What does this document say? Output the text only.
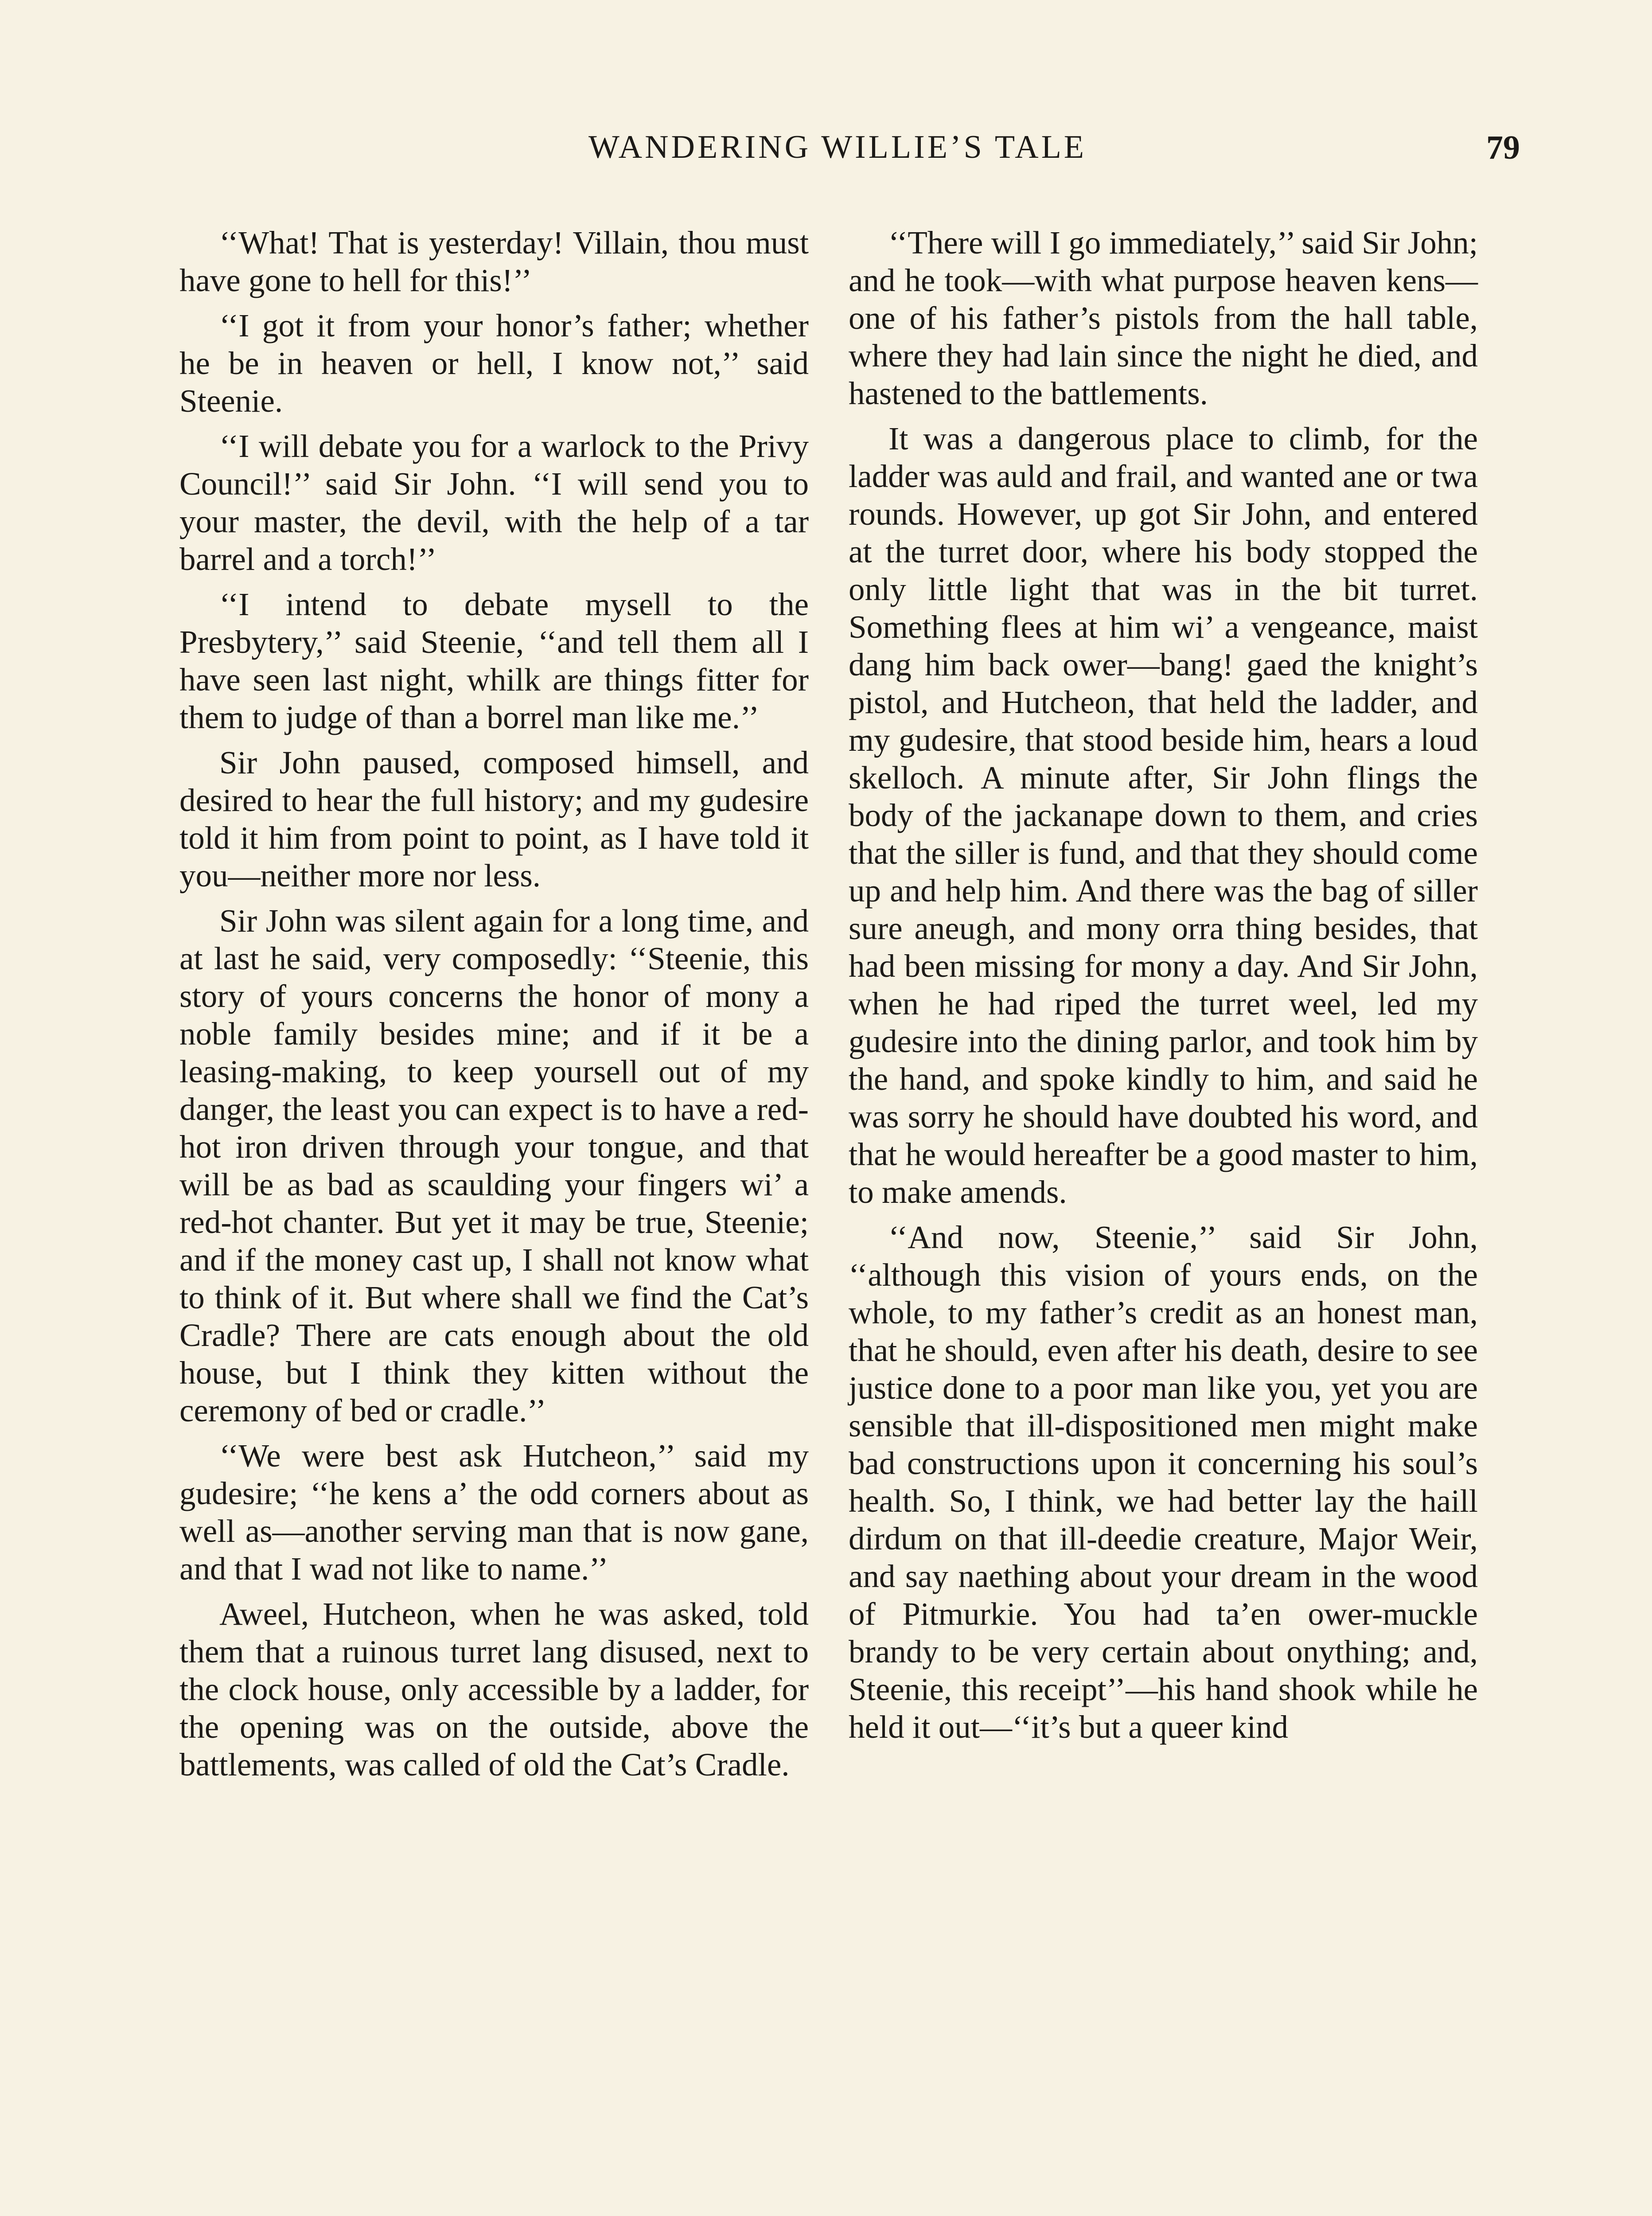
WANDERING WILLIE’S TALE	79

‘‘What! That is yesterday! Villain, thou must have gone to hell for this!’’

‘‘I got it from your honor’s father; whether he be in heaven or hell, I know not,’’ said Steenie.

‘‘I will debate you for a warlock to the Privy Council!’’ said Sir John. ‘‘I will send you to your master, the devil, with the help of a tar barrel and a torch!’’

‘‘I intend to debate mysell to the Presbytery,’’ said Steenie, ‘‘and tell them all I have seen last night, whilk are things fitter for them to judge of than a borrel man like me.’’

Sir John paused, composed himsell, and desired to hear the full history; and my gudesire told it him from point to point, as I have told it you—neither more nor less.

Sir John was silent again for a long time, and at last he said, very composedly: ‘‘Steenie, this story of yours concerns the honor of mony a noble family besides mine; and if it be a leasing-making, to keep yoursell out of my danger, the least you can expect is to have a red-hot iron driven through your tongue, and that will be as bad as scaulding your fingers wi’ a red-hot chanter. But yet it may be true, Steenie; and if the money cast up, I shall not know what to think of it. But where shall we find the Cat’s Cradle? There are cats enough about the old house, but I think they kitten without the ceremony of bed or cradle.’’

‘‘We were best ask Hutcheon,’’ said my gudesire; ‘‘he kens a’ the odd corners about as well as—another serving man that is now gane, and that I wad not like to name.’’

Aweel, Hutcheon, when he was asked, told them that a ruinous turret lang disused, next to the clock house, only accessible by a ladder, for the opening was on the outside, above the battlements, was called of old the Cat’s Cradle.

‘‘There will I go immediately,’’ said Sir John; and he took—with what purpose heaven kens—one of his father’s pistols from the hall table, where they had lain since the night he died, and hastened to the battlements.

It was a dangerous place to climb, for the ladder was auld and frail, and wanted ane or twa rounds. However, up got Sir John, and entered at the turret door, where his body stopped the only little light that was in the bit turret. Something flees at him wi’ a vengeance, maist dang him back ower—bang! gaed the knight’s pistol, and Hutcheon, that held the ladder, and my gudesire, that stood beside him, hears a loud skelloch. A minute after, Sir John flings the body of the jackanape down to them, and cries that the siller is fund, and that they should come up and help him. And there was the bag of siller sure aneugh, and mony orra thing besides, that had been missing for mony a day. And Sir John, when he had riped the turret weel, led my gudesire into the dining parlor, and took him by the hand, and spoke kindly to him, and said he was sorry he should have doubted his word, and that he would hereafter be a good master to him, to make amends.

‘‘And now, Steenie,’’ said Sir John, ‘‘although this vision of yours ends, on the whole, to my father’s credit as an honest man, that he should, even after his death, desire to see justice done to a poor man like you, yet you are sensible that ill-dispositioned men might make bad constructions upon it concerning his soul’s health. So, I think, we had better lay the haill dirdum on that ill-deedie creature, Major Weir, and say naething about your dream in the wood of Pitmurkie. You had ta’en ower-muckle brandy to be very certain about onything; and, Steenie, this receipt’’—his hand shook while he held it out—‘‘it’s but a queer kind
